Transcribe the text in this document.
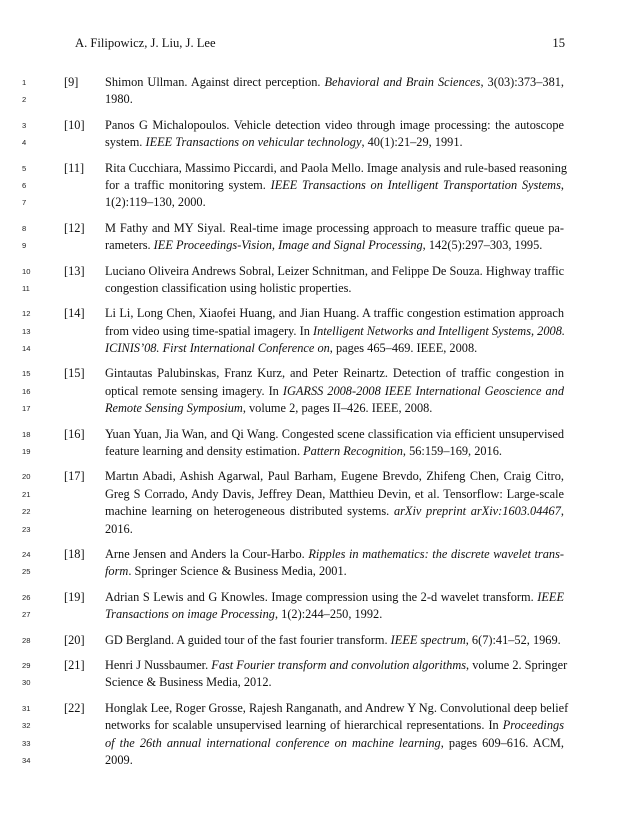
A. Filipowicz, J. Liu, J. Lee	15
1	[9]	Shimon Ullman. Against direct perception. Behavioral and Brain Sciences, 3(03):373–381,
2	1980.
3	[10]	Panos G Michalopoulos. Vehicle detection video through image processing: the autoscope
4	system. IEEE Transactions on vehicular technology, 40(1):21–29, 1991.
5	[11]	Rita Cucchiara, Massimo Piccardi, and Paola Mello. Image analysis and rule-based reasoning
6	for a traffic monitoring system. IEEE Transactions on Intelligent Transportation Systems,
7	1(2):119–130, 2000.
8	[12]	M Fathy and MY Siyal. Real-time image processing approach to measure traffic queue pa-
9	rameters. IEE Proceedings-Vision, Image and Signal Processing, 142(5):297–303, 1995.
10	[13]	Luciano Oliveira Andrews Sobral, Leizer Schnitman, and Felippe De Souza. Highway traffic
11	congestion classification using holistic properties.
12	[14]	Li Li, Long Chen, Xiaofei Huang, and Jian Huang. A traffic congestion estimation approach
13	from video using time-spatial imagery. In Intelligent Networks and Intelligent Systems, 2008.
14	ICINIS’08. First International Conference on, pages 465–469. IEEE, 2008.
15	[15]	Gintautas Palubinskas, Franz Kurz, and Peter Reinartz. Detection of traffic congestion in
16	optical remote sensing imagery. In IGARSS 2008-2008 IEEE International Geoscience and
17	Remote Sensing Symposium, volume 2, pages II–426. IEEE, 2008.
18	[16]	Yuan Yuan, Jia Wan, and Qi Wang. Congested scene classification via efficient unsupervised
19	feature learning and density estimation. Pattern Recognition, 56:159–169, 2016.
20	[17]	Martın Abadi, Ashish Agarwal, Paul Barham, Eugene Brevdo, Zhifeng Chen, Craig Citro,
21	Greg S Corrado, Andy Davis, Jeffrey Dean, Matthieu Devin, et al. Tensorflow: Large-scale
22	machine learning on heterogeneous distributed systems. arXiv preprint arXiv:1603.04467,
23	2016.
24	[18]	Arne Jensen and Anders la Cour-Harbo. Ripples in mathematics: the discrete wavelet trans-
25	form. Springer Science & Business Media, 2001.
26	[19]	Adrian S Lewis and G Knowles. Image compression using the 2-d wavelet transform. IEEE
27	Transactions on image Processing, 1(2):244–250, 1992.
28	[20]	GD Bergland. A guided tour of the fast fourier transform. IEEE spectrum, 6(7):41–52, 1969.
29	[21]	Henri J Nussbaumer. Fast Fourier transform and convolution algorithms, volume 2. Springer
30	Science & Business Media, 2012.
31	[22]	Honglak Lee, Roger Grosse, Rajesh Ranganath, and Andrew Y Ng. Convolutional deep belief
32	networks for scalable unsupervised learning of hierarchical representations. In Proceedings
33	of the 26th annual international conference on machine learning, pages 609–616. ACM,
34	2009.
